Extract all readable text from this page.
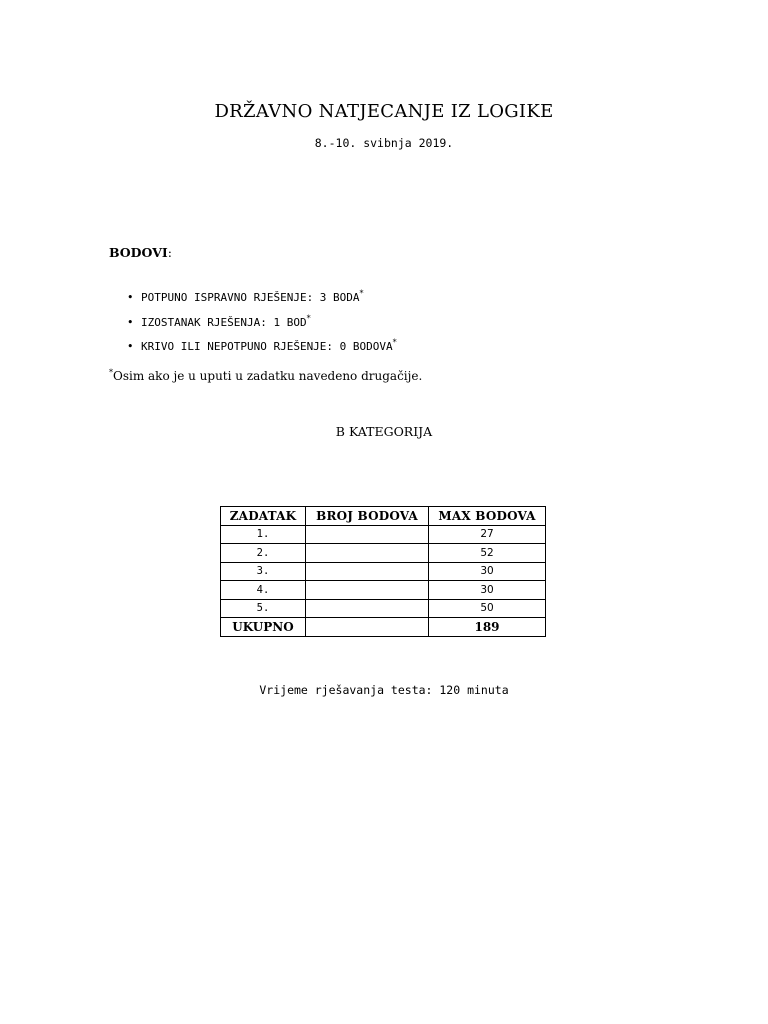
DRŽAVNO NATJECANJE IZ LOGIKE
8.-10. svibnja 2019.
BODOVI:
• POTPUNO ISPRAVNO RJEŠENJE: 3 BODA*
• IZOSTANAK RJEŠENJA: 1 BOD*
• KRIVO ILI NEPOTPUNO RJEŠENJE: 0 BODOVA*
*Osim ako je u uputi u zadatku navedeno drugačije.
B KATEGORIJA
ZADATAK	BROJ BODOVA	MAX BODOVA
1.		27
2.		52
3.		30
4.		30
5.		50
UKUPNO		189
Vrijeme rješavanja testa: 120 minuta
